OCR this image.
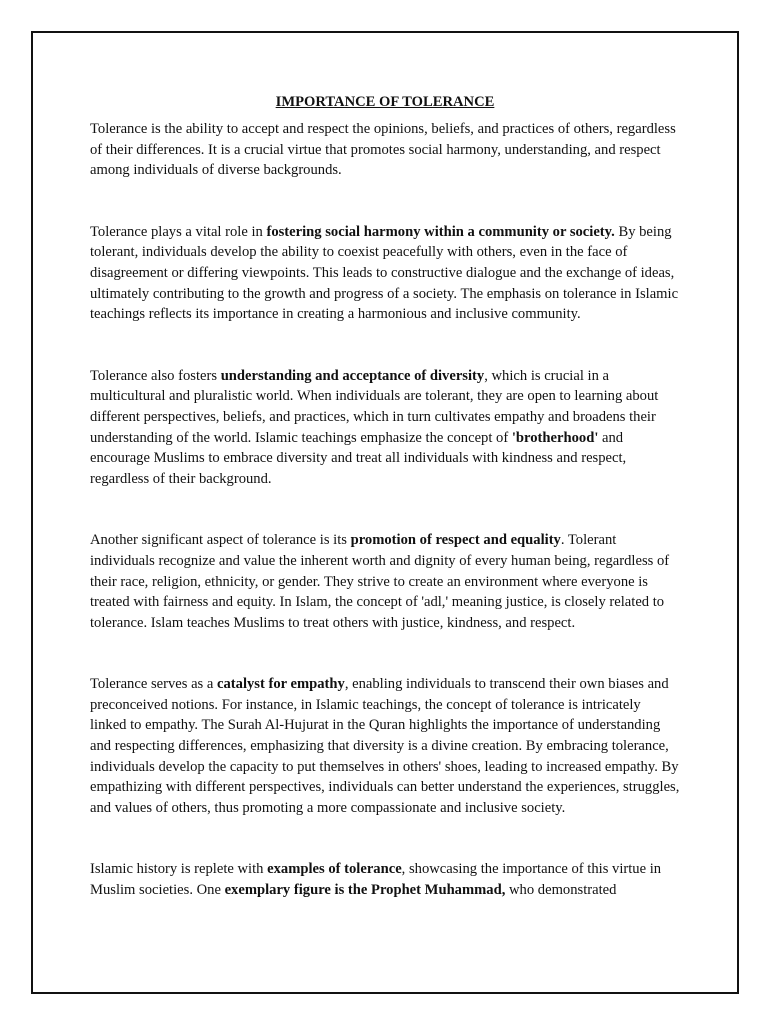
IMPORTANCE OF TOLERANCE

Tolerance is the ability to accept and respect the opinions, beliefs, and practices of others, regardless of their differences. It is a crucial virtue that promotes social harmony, understanding, and respect among individuals of diverse backgrounds.

Tolerance plays a vital role in fostering social harmony within a community or society. By being tolerant, individuals develop the ability to coexist peacefully with others, even in the face of disagreement or differing viewpoints. This leads to constructive dialogue and the exchange of ideas, ultimately contributing to the growth and progress of a society. The emphasis on tolerance in Islamic teachings reflects its importance in creating a harmonious and inclusive community.

Tolerance also fosters understanding and acceptance of diversity, which is crucial in a multicultural and pluralistic world. When individuals are tolerant, they are open to learning about different perspectives, beliefs, and practices, which in turn cultivates empathy and broadens their understanding of the world. Islamic teachings emphasize the concept of 'brotherhood' and encourage Muslims to embrace diversity and treat all individuals with kindness and respect, regardless of their background.

Another significant aspect of tolerance is its promotion of respect and equality. Tolerant individuals recognize and value the inherent worth and dignity of every human being, regardless of their race, religion, ethnicity, or gender. They strive to create an environment where everyone is treated with fairness and equity. In Islam, the concept of 'adl,' meaning justice, is closely related to tolerance. Islam teaches Muslims to treat others with justice, kindness, and respect.

Tolerance serves as a catalyst for empathy, enabling individuals to transcend their own biases and preconceived notions. For instance, in Islamic teachings, the concept of tolerance is intricately linked to empathy. The Surah Al-Hujurat in the Quran highlights the importance of understanding and respecting differences, emphasizing that diversity is a divine creation. By embracing tolerance, individuals develop the capacity to put themselves in others' shoes, leading to increased empathy. By empathizing with different perspectives, individuals can better understand the experiences, struggles, and values of others, thus promoting a more compassionate and inclusive society.

Islamic history is replete with examples of tolerance, showcasing the importance of this virtue in Muslim societies. One exemplary figure is the Prophet Muhammad, who demonstrated
